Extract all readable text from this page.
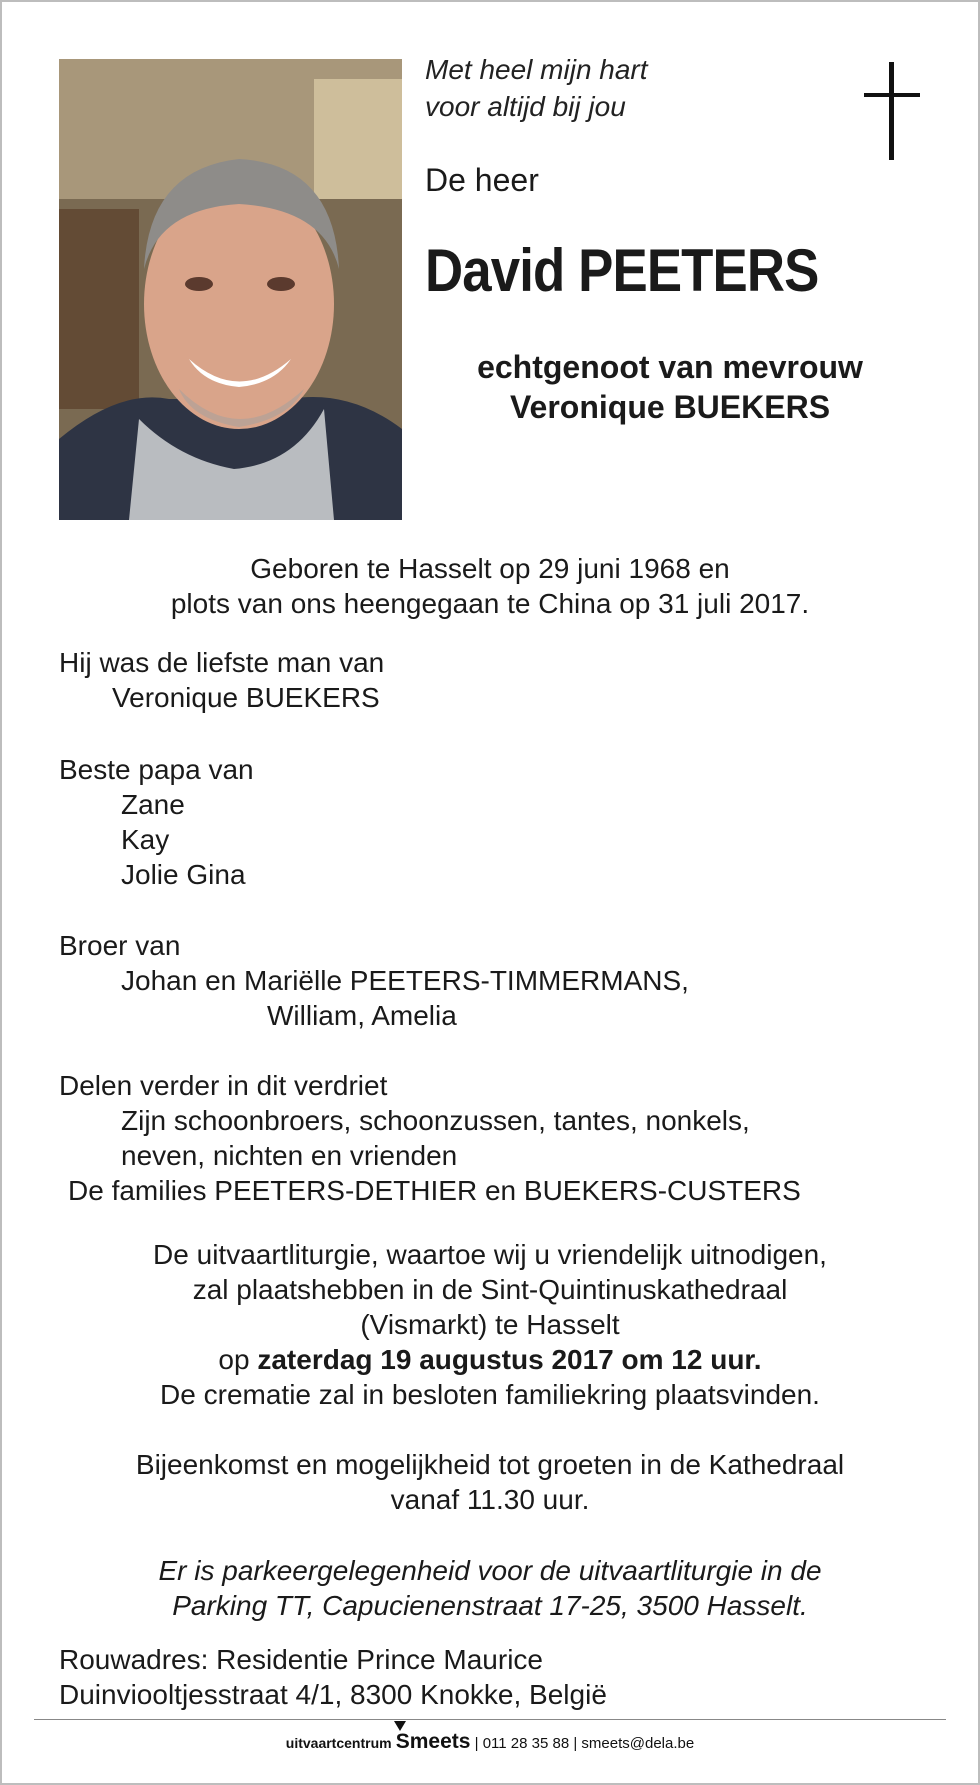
Met heel mijn hart
voor altijd bij jou
De heer
David PEETERS
echtgenoot van mevrouw
Veronique BUEKERS
Geboren te Hasselt op 29 juni 1968 en
plots van ons heengegaan te China op 31 juli 2017.
Hij was de liefste man van
Veronique BUEKERS
Beste papa van
Zane
Kay
Jolie Gina
Broer van
Johan en Mariëlle PEETERS-TIMMERMANS,
William, Amelia
Delen verder in dit verdriet
Zijn schoonbroers, schoonzussen, tantes, nonkels,
neven, nichten en vrienden
De families PEETERS-DETHIER en BUEKERS-CUSTERS
De uitvaartliturgie, waartoe wij u vriendelijk uitnodigen,
zal plaatshebben in de Sint-Quintinuskathedraal
(Vismarkt) te Hasselt
op zaterdag 19 augustus 2017 om 12 uur.
De crematie zal in besloten familiekring plaatsvinden.
Bijeenkomst en mogelijkheid tot groeten in de Kathedraal
vanaf 11.30 uur.
Er is parkeergelegenheid voor de uitvaartliturgie in de
Parking TT, Capucienenstraat 17-25, 3500 Hasselt.
Rouwadres: Residentie Prince Maurice
Duinviooltjesstraat 4/1, 8300 Knokke, België
uitvaartcentrum Smeets | 011 28 35 88 | smeets@dela.be
